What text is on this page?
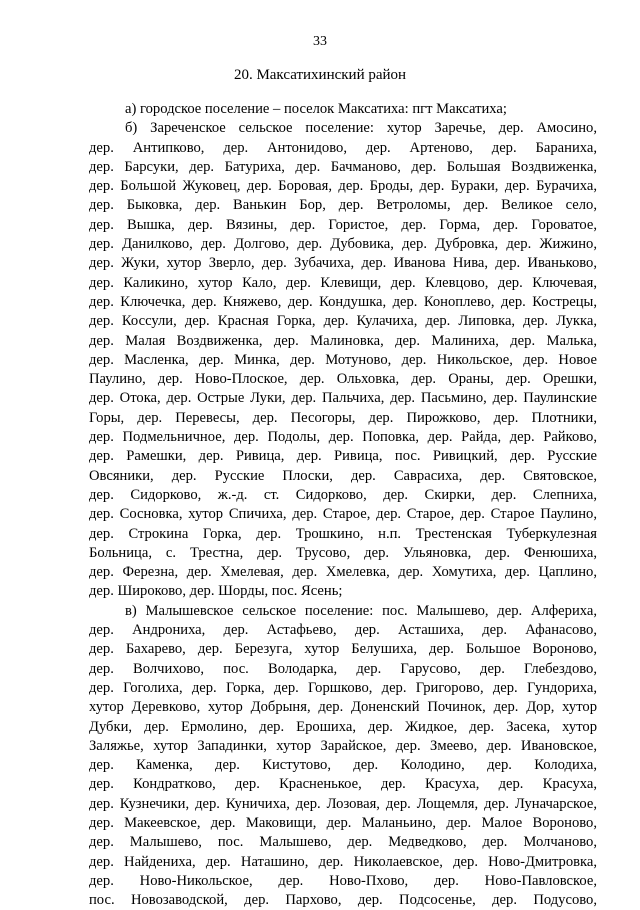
33
20. Максатихинский район
а) городское поселение – поселок Максатиха: пгт Максатиха;
б) Зареченское сельское поселение: хутор Заречье, дер. Амосино,
дер. Антипково, дер. Антонидово, дер. Артеново, дер. Бараниха,
дер. Барсуки, дер. Батуриха, дер. Бачманово, дер. Большая Воздвиженка,
дер. Большой Жуковец, дер. Боровая, дер. Броды, дер. Бураки, дер. Бурачиха,
дер. Быковка, дер. Ванькин Бор, дер. Ветроломы, дер. Великое село,
дер. Вышка, дер. Вязины, дер. Гористое, дер. Горма, дер. Гороватое,
дер. Данилково, дер. Долгово, дер. Дубовика, дер. Дубровка, дер. Жижино,
дер. Жуки, хутор Зверло, дер. Зубачиха, дер. Иванова Нива, дер. Иваньково,
дер. Каликино, хутор Кало, дер. Клевищи, дер. Клевцово, дер. Ключевая,
дер. Ключечка, дер. Княжево, дер. Кондушка, дер. Коноплево, дер. Кострецы,
дер. Коссули, дер. Красная Горка, дер. Кулачиха, дер. Липовка, дер. Лукка,
дер. Малая Воздвиженка, дер. Малиновка, дер. Малиниха, дер. Малька,
дер. Масленка, дер. Минка, дер. Мотуново, дер. Никольское, дер. Новое
Паулино, дер. Ново-Плоское, дер. Ольховка, дер. Ораны, дер. Орешки,
дер. Отока, дер. Острые Луки, дер. Пальчиха, дер. Пасьмино, дер. Паулинские
Горы, дер. Перевесы, дер. Песогоры, дер. Пирожково, дер. Плотники,
дер. Подмельничное, дер. Подолы, дер. Поповка, дер. Райда, дер. Райково,
дер. Рамешки, дер. Ривица, дер. Ривица, пос. Ривицкий, дер. Русские
Овсяники, дер. Русские Плоски, дер. Саврасиха, дер. Святовское,
дер. Сидорково, ж.-д. ст. Сидорково, дер. Скирки, дер. Слепниха,
дер. Сосновка, хутор Спичиха, дер. Старое, дер. Старое, дер. Старое Паулино,
дер. Строкина Горка, дер. Трошкино, н.п. Трестенская Туберкулезная
Больница, с. Трестна, дер. Трусово, дер. Ульяновка, дер. Фенюшиха,
дер. Ферезна, дер. Хмелевая, дер. Хмелевка, дер. Хомутиха, дер. Цаплино,
дер. Широково, дер. Шорды, пос. Ясень;
в) Малышевское сельское поселение: пос. Малышево, дер. Алфериха,
дер. Андрониха, дер. Астафьево, дер. Асташиха, дер. Афанасово,
дер. Бахарево, дер. Березуга, хутор Белушиха, дер. Большое Вороново,
дер. Волчихово, пос. Володарка, дер. Гарусово, дер. Глебездово,
дер. Гоголиха, дер. Горка, дер. Горшково, дер. Григорово, дер. Гундориха,
хутор Деревково, хутор Добрыня, дер. Доненский Починок, дер. Дор, хутор
Дубки, дер. Ермолино, дер. Ерошиха, дер. Жидкое, дер. Засека, хутор
Заляжье, хутор Западинки, хутор Зарайское, дер. Змеево, дер. Ивановское,
дер. Каменка, дер. Кистутово, дер. Колодино, дер. Колодиха,
дер. Кондратково, дер. Красненькое, дер. Красуха, дер. Красуха,
дер. Кузнечики, дер. Куничиха, дер. Лозовая, дер. Лощемля, дер. Луначарское,
дер. Макеевское, дер. Маковищи, дер. Маланьино, дер. Малое Вороново,
дер. Малышево, пос. Малышево, дер. Медведково, дер. Молчаново,
дер. Найдениха, дер. Наташино, дер. Николаевское, дер. Ново-Дмитровка,
дер. Ново-Никольское, дер. Ново-Пхово, дер. Ново-Павловское,
пос. Новозаводской, дер. Пархово, дер. Подсосенье, дер. Подусово,
